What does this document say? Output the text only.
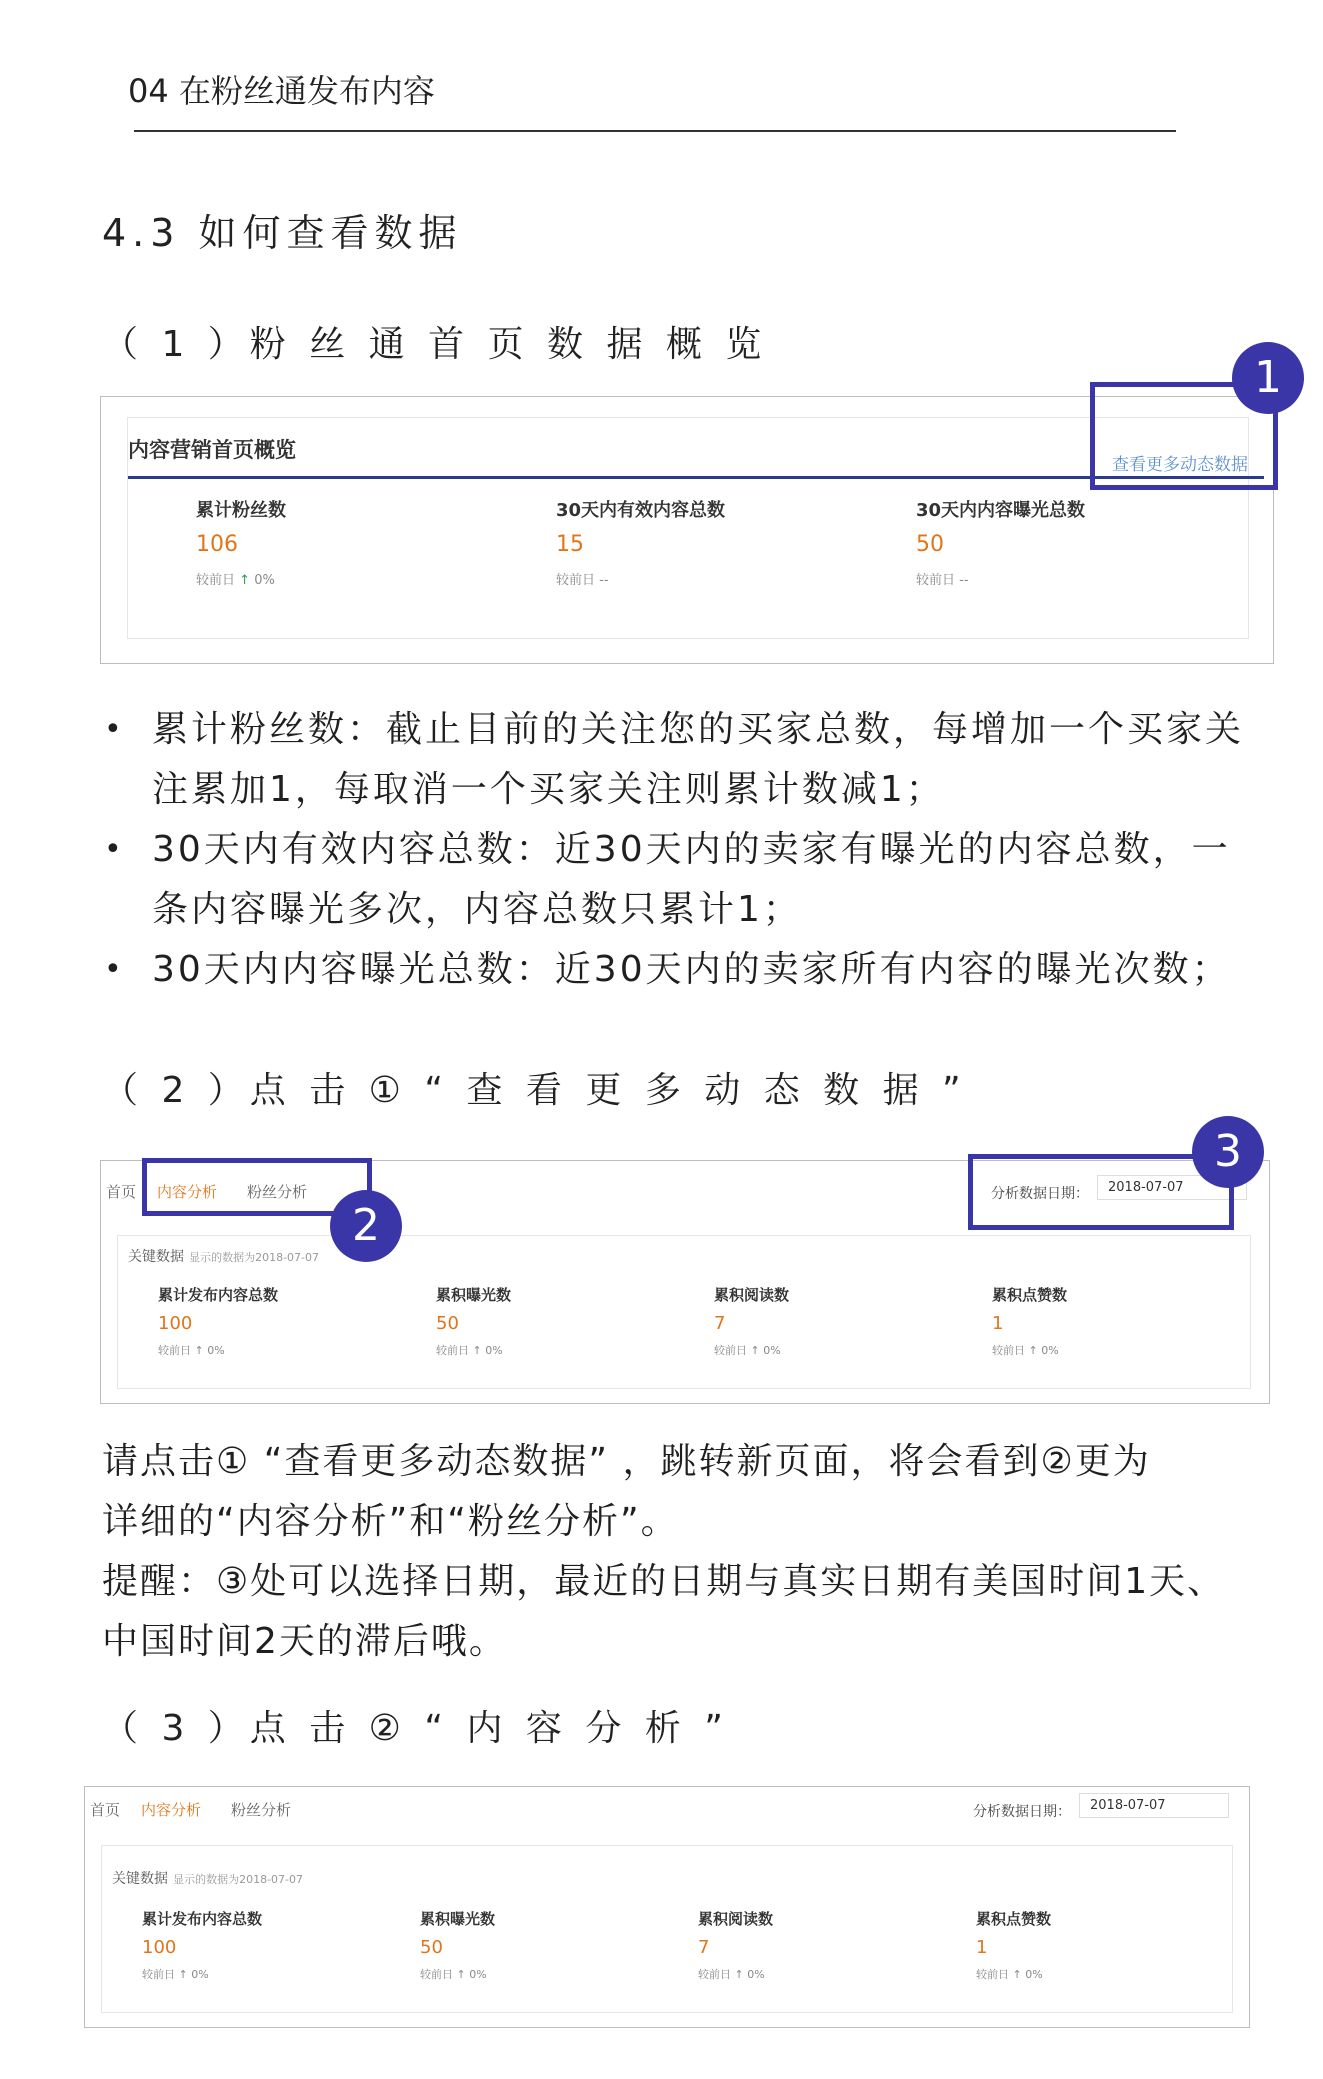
04 在粉丝通发布内容
4.3 如何查看数据
（ 1 ）粉 丝 通 首 页 数 据 概 览
内容营销首页概览
查看更多动态数据
累计粉丝数
106
较前日 ↑ 0%
30天内有效内容总数
15
较前日 --
30天内内容曝光总数
50
较前日 --
1
• 累计粉丝数：截止目前的关注您的买家总数，每增加一个买家关注累加1，每取消一个买家关注则累计数减1；
• 30天内有效内容总数：近30天内的卖家有曝光的内容总数，一条内容曝光多次，内容总数只累计1；
• 30天内内容曝光总数：近30天内的卖家所有内容的曝光次数；
（ 2 ）点 击 ① “ 查 看 更 多 动 态 数 据 ”
首页 内容分析 粉丝分析	分析数据日期：	2018-07-07
关键数据 显示的数据为2018-07-07
累计发布内容总数
100
较前日 ↑ 0%
累积曝光数
50
较前日 ↑ 0%
累积阅读数
7
较前日 ↑ 0%
累积点赞数
1
较前日 ↑ 0%
2
3
请点击① “查看更多动态数据” ，跳转新页面，将会看到②更为
详细的“内容分析”和“粉丝分析”。
提醒：③处可以选择日期，最近的日期与真实日期有美国时间1天、
中国时间2天的滞后哦。
（ 3 ）点 击 ② “ 内 容 分 析 ”
首页 内容分析 粉丝分析	分析数据日期：	2018-07-07
关键数据 显示的数据为2018-07-07
累计发布内容总数
100
较前日 ↑ 0%
累积曝光数
50
较前日 ↑ 0%
累积阅读数
7
较前日 ↑ 0%
累积点赞数
1
较前日 ↑ 0%
